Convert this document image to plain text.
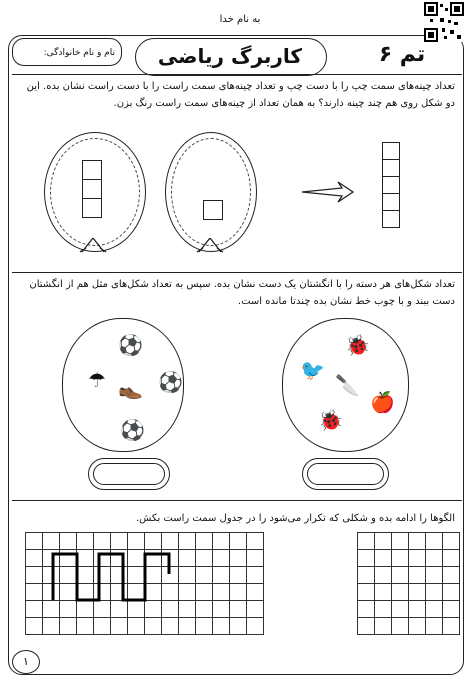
به نام خدا
نام و نام خانوادگی:	کاربرگ ریاضی	تم ۶
تعداد چینه‌های سمت چپ را با دست چپ و تعداد چینه‌های سمت راست را با دست راست نشان بده. این دو شکل روی هم چند چینه دارند؟ به همان تعداد از چینه‌های سمت راست رنگ بزن.
تعداد شکل‌های هر دسته را با انگشتان یک دست نشان بده. سپس به تعداد شکل‌های مثل هم از انگشتان دست ببند و با چوب خط نشان بده چندتا مانده است.
⚽
☂ 👞 ⚽
⚽
🐞
🐦
🔪
🍎
🐞
الگوها را ادامه بده و شکلی که تکرار می‌شود را در جدول سمت راست بکش.

۱
